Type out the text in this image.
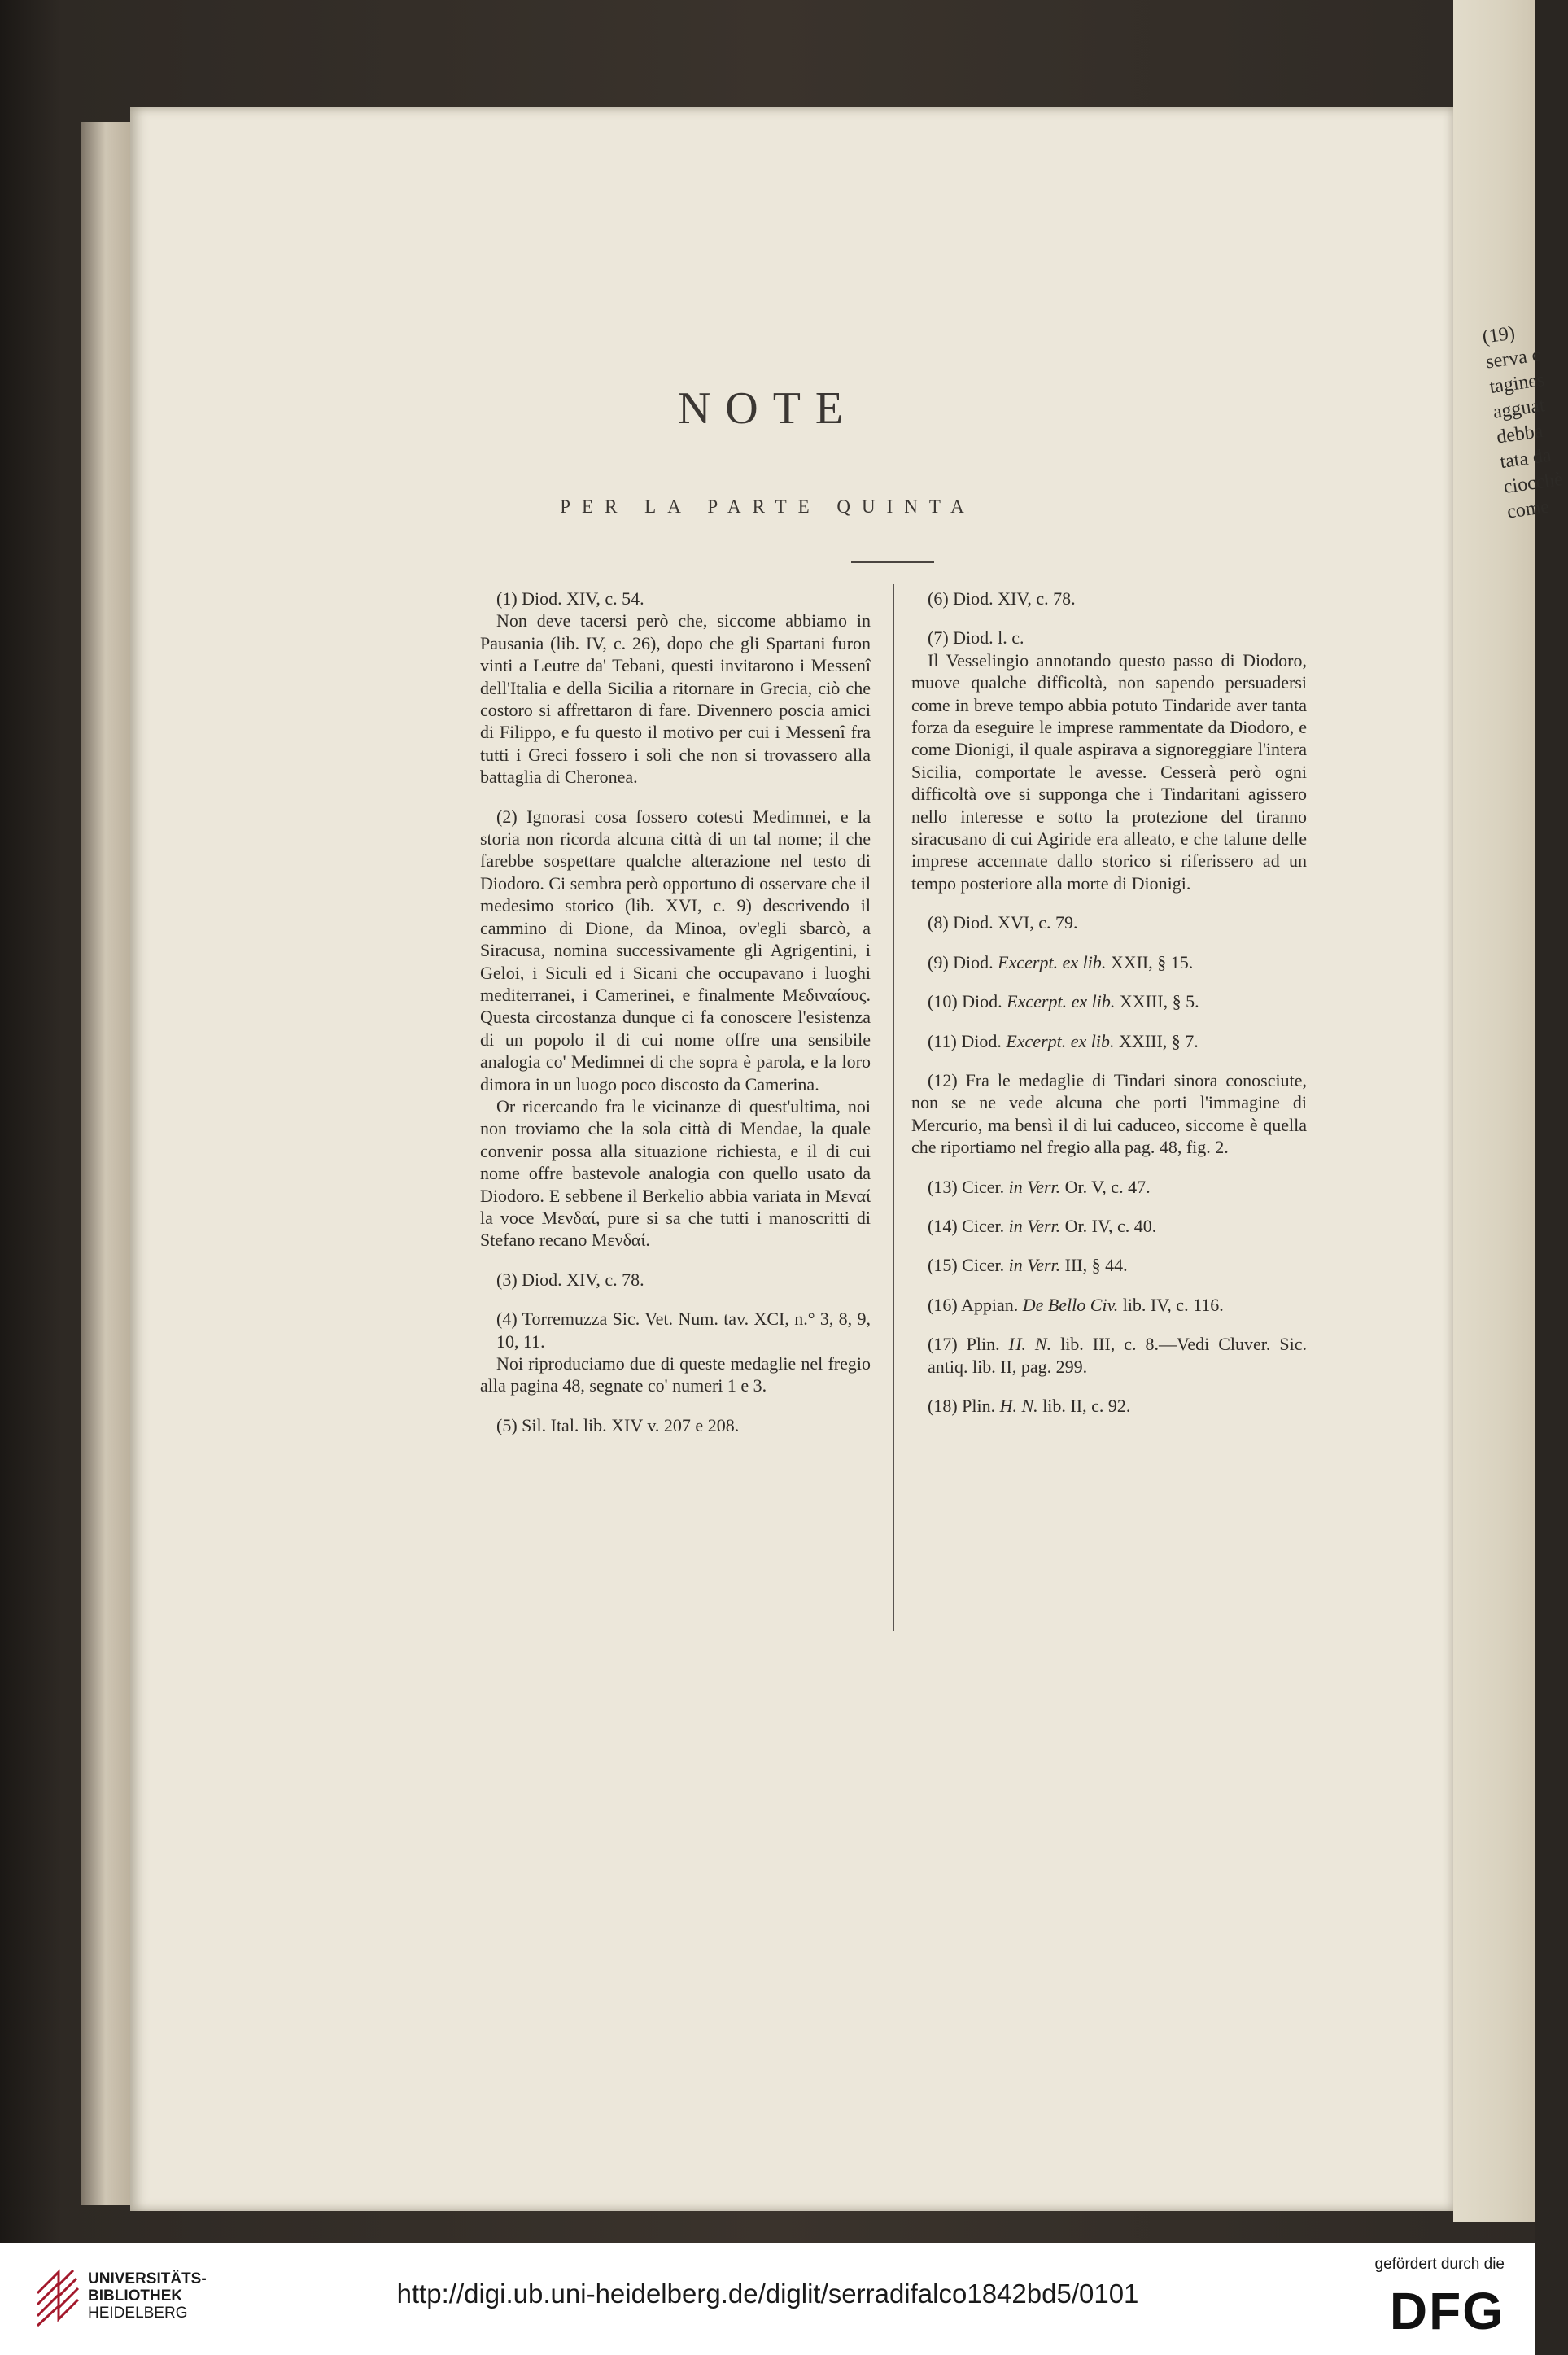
(19)
serva c
tagines
agguat
debba
tata da
ciocchè
come
NOTE
PER LA PARTE QUINTA

(1) Diod. XIV, c. 54.
Non deve tacersi però che, siccome abbiamo in Pausania (lib. IV, c. 26), dopo che gli Spartani furon vinti a Leutre da' Tebani, questi invitarono i Messenî dell'Italia e della Sicilia a ritornare in Grecia, ciò che costoro si affrettaron di fare. Divennero poscia amici di Filippo, e fu questo il motivo per cui i Messenî fra tutti i Greci fossero i soli che non si trovassero alla battaglia di Cheronea.

(2) Ignorasi cosa fossero cotesti Medimnei, e la storia non ricorda alcuna città di un tal nome; il che farebbe sospettare qualche alterazione nel testo di Diodoro. Ci sembra però opportuno di osservare che il medesimo storico (lib. XVI, c. 9) descrivendo il cammino di Dione, da Minoa, ov'egli sbarcò, a Siracusa, nomina successivamente gli Agrigentini, i Geloi, i Siculi ed i Sicani che occupavano i luoghi mediterranei, i Camerinei, e finalmente Μεδιναίους. Questa circostanza dunque ci fa conoscere l'esistenza di un popolo il di cui nome offre una sensibile analogia co' Medimnei di che sopra è parola, e la loro dimora in un luogo poco discosto da Camerina.
Or ricercando fra le vicinanze di quest'ultima, noi non troviamo che la sola città di Mendae, la quale convenir possa alla situazione richiesta, e il di cui nome offre bastevole analogia con quello usato da Diodoro. E sebbene il Berkelio abbia variata in Μεναί la voce Μενδαί, pure si sa che tutti i manoscritti di Stefano recano Μενδαί.

(3) Diod. XIV, c. 78.

(4) Torremuzza Sic. Vet. Num. tav. XCI, n.° 3, 8, 9, 10, 11.
Noi riproduciamo due di queste medaglie nel fregio alla pagina 48, segnate co' numeri 1 e 3.

(5) Sil. Ital. lib. XIV v. 207 e 208.

(6) Diod. XIV, c. 78.

(7) Diod. l. c.
Il Vesselingio annotando questo passo di Diodoro, muove qualche difficoltà, non sapendo persuadersi come in breve tempo abbia potuto Tindaride aver tanta forza da eseguire le imprese rammentate da Diodoro, e come Dionigi, il quale aspirava a signoreggiare l'intera Sicilia, comportate le avesse. Cesserà però ogni difficoltà ove si supponga che i Tindaritani agissero nello interesse e sotto la protezione del tiranno siracusano di cui Agiride era alleato, e che talune delle imprese accennate dallo storico si riferissero ad un tempo posteriore alla morte di Dionigi.

(8) Diod. XVI, c. 79.

(9) Diod. Excerpt. ex lib. XXII, § 15.

(10) Diod. Excerpt. ex lib. XXIII, § 5.

(11) Diod. Excerpt. ex lib. XXIII, § 7.

(12) Fra le medaglie di Tindari sinora conosciute, non se ne vede alcuna che porti l'immagine di Mercurio, ma bensì il di lui caduceo, siccome è quella che riportiamo nel fregio alla pag. 48, fig. 2.

(13) Cicer. in Verr. Or. V, c. 47.

(14) Cicer. in Verr. Or. IV, c. 40.

(15) Cicer. in Verr. III, § 44.

(16) Appian. De Bello Civ. lib. IV, c. 116.

(17) Plin. H. N. lib. III, c. 8.—Vedi Cluver. Sic. antiq. lib. II, pag. 299.

(18) Plin. H. N. lib. II, c. 92.

UNIVERSITÄTS-
BIBLIOTHEK
HEIDELBERG
http://digi.ub.uni-heidelberg.de/diglit/serradifalco1842bd5/0101
gefördert durch die
DFG
